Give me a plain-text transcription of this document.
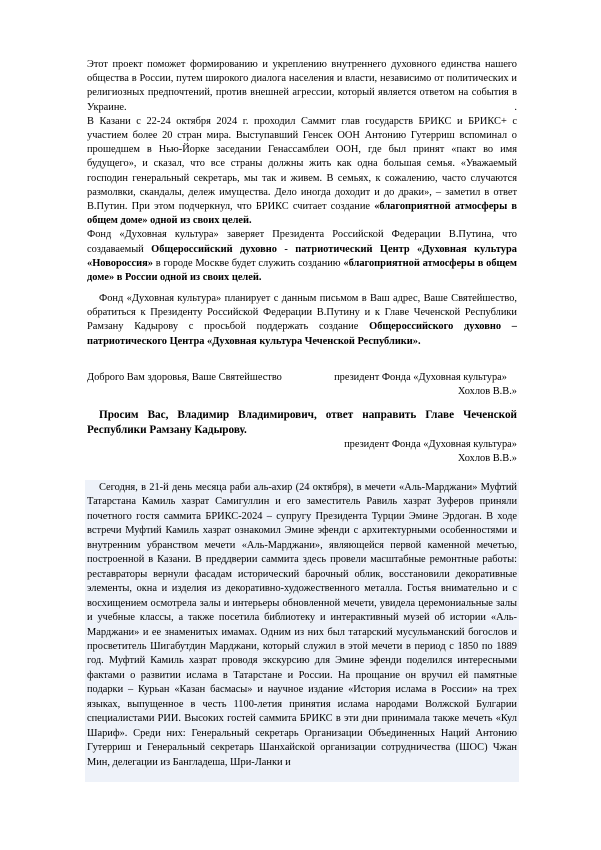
Этот проект поможет формированию и укреплению внутреннего духовного единства нашего общества в России, путем широкого диалога населения и власти, независимо от политических и религиозных предпочтений, против внешней агрессии, который является ответом на события в Украине.	.

В Казани с 22-24 октября 2024 г. проходил Саммит глав государств БРИКС и БРИКС+ с участием более 20 стран мира. Выступавший Генсек ООН Антонию Гутерриш вспоминал о прошедшем в Нью-Йорке заседании Генассамблеи ООН, где был принят «пакт во имя будущего», и сказал, что все страны должны жить как одна большая семья. «Уважаемый господин генеральный секретарь, мы так и живем. В семьях, к сожалению, часто случаются размолвки, скандалы, дележ имущества. Дело иногда доходит и до драки», – заметил в ответ В.Путин. При этом подчеркнул, что БРИКС считает создание «благоприятной атмосферы в общем доме» одной из своих целей.

Фонд «Духовная культура» заверяет Президента Российской Федерации В.Путина, что создаваемый Общероссийский духовно - патриотический Центр «Духовная культура «Новороссия» в городе Москве будет служить созданию «благоприятной атмосферы в общем доме» в России одной из своих целей.

Фонд «Духовная культура» планирует с данным письмом в Ваш адрес, Ваше Святейшество, обратиться к Президенту Российской Федерации В.Путину и к Главе Чеченской Республики Рамзану Кадырову с просьбой поддержать создание Общероссийского духовно – патриотического Центра «Духовная культура Чеченской Республики».

Доброго Вам здоровья, Ваше Святейшество	президент Фонда «Духовная культура»
Хохлов В.В.»

Просим Вас, Владимир Владимирович, ответ направить Главе Чеченской Республики Рамзану Кадырову.

президент Фонда «Духовная культура»
Хохлов В.В.»

Сегодня, в 21-й день месяца раби аль-ахир (24 октября), в мечети «Аль-Марджани» Муфтий Татарстана Камиль хазрат Самигуллин и его заместитель Равиль хазрат Зуферов приняли почетного гостя саммита БРИКС-2024 – супругу Президента Турции Эмине Эрдоган. В ходе встречи Муфтий Камиль хазрат ознакомил Эмине эфенди с архитектурными особенностями и внутренним убранством мечети «Аль-Марджани», являющейся первой каменной мечетью, построенной в Казани. В преддверии саммита здесь провели масштабные ремонтные работы: реставраторы вернули фасадам исторический барочный облик, восстановили декоративные элементы, окна и изделия из декоративно-художественного металла. Гостья внимательно и с восхищением осмотрела залы и интерьеры обновленной мечети, увидела церемониальные залы и учебные классы, а также посетила библиотеку и интерактивный музей об истории «Аль-Марджани» и ее знаменитых имамах. Одним из них был татарский мусульманский богослов и просветитель Шигабутдин Марджани, который служил в этой мечети в период с 1850 по 1889 год. Муфтий Камиль хазрат проводя экскурсию для Эмине эфенди поделился интересными фактами о развитии ислама в Татарстане и России. На прощание он вручил ей памятные подарки – Курьан «Казан басмасы» и научное издание «История ислама в России» на трех языках, выпущенное в честь 1100-летия принятия ислама народами Волжской Булгарии специалистами РИИ. Высоких гостей саммита БРИКС в эти дни принимала также мечеть «Кул Шариф». Среди них: Генеральный секретарь Организации Объединенных Наций Антонию Гутерриш и Генеральный секретарь Шанхайской организации сотрудничества (ШОС) Чжан Мин, делегации из Бангладеша, Шри-Ланки и
